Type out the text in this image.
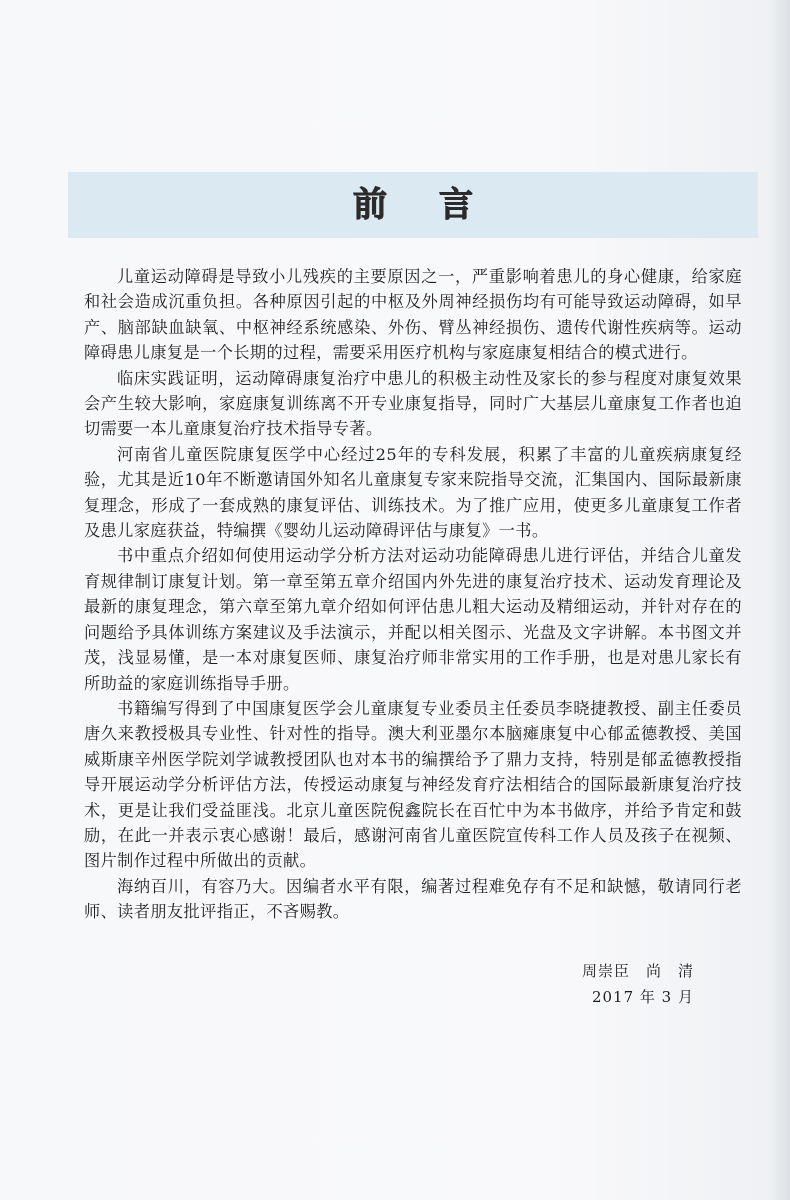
前言

儿童运动障碍是导致小儿残疾的主要原因之一，严重影响着患儿的身心健康，给家庭和社会造成沉重负担。各种原因引起的中枢及外周神经损伤均有可能导致运动障碍，如早产、脑部缺血缺氧、中枢神经系统感染、外伤、臂丛神经损伤、遗传代谢性疾病等。运动障碍患儿康复是一个长期的过程，需要采用医疗机构与家庭康复相结合的模式进行。

临床实践证明，运动障碍康复治疗中患儿的积极主动性及家长的参与程度对康复效果会产生较大影响，家庭康复训练离不开专业康复指导，同时广大基层儿童康复工作者也迫切需要一本儿童康复治疗技术指导专著。

河南省儿童医院康复医学中心经过25年的专科发展，积累了丰富的儿童疾病康复经验，尤其是近10年不断邀请国外知名儿童康复专家来院指导交流，汇集国内、国际最新康复理念，形成了一套成熟的康复评估、训练技术。为了推广应用，使更多儿童康复工作者及患儿家庭获益，特编撰《婴幼儿运动障碍评估与康复》一书。

书中重点介绍如何使用运动学分析方法对运动功能障碍患儿进行评估，并结合儿童发育规律制订康复计划。第一章至第五章介绍国内外先进的康复治疗技术、运动发育理论及最新的康复理念，第六章至第九章介绍如何评估患儿粗大运动及精细运动，并针对存在的问题给予具体训练方案建议及手法演示，并配以相关图示、光盘及文字讲解。本书图文并茂，浅显易懂，是一本对康复医师、康复治疗师非常实用的工作手册，也是对患儿家长有所助益的家庭训练指导手册。

书籍编写得到了中国康复医学会儿童康复专业委员主任委员李晓捷教授、副主任委员唐久来教授极具专业性、针对性的指导。澳大利亚墨尔本脑瘫康复中心郁孟德教授、美国威斯康辛州医学院刘学诚教授团队也对本书的编撰给予了鼎力支持，特别是郁孟德教授指导开展运动学分析评估方法，传授运动康复与神经发育疗法相结合的国际最新康复治疗技术，更是让我们受益匪浅。北京儿童医院倪鑫院长在百忙中为本书做序，并给予肯定和鼓励，在此一并表示衷心感谢！最后，感谢河南省儿童医院宣传科工作人员及孩子在视频、图片制作过程中所做出的贡献。

海纳百川，有容乃大。因编者水平有限，编著过程难免存有不足和缺憾，敬请同行老师、读者朋友批评指正，不吝赐教。

周崇臣　尚　清
2017 年 3 月
